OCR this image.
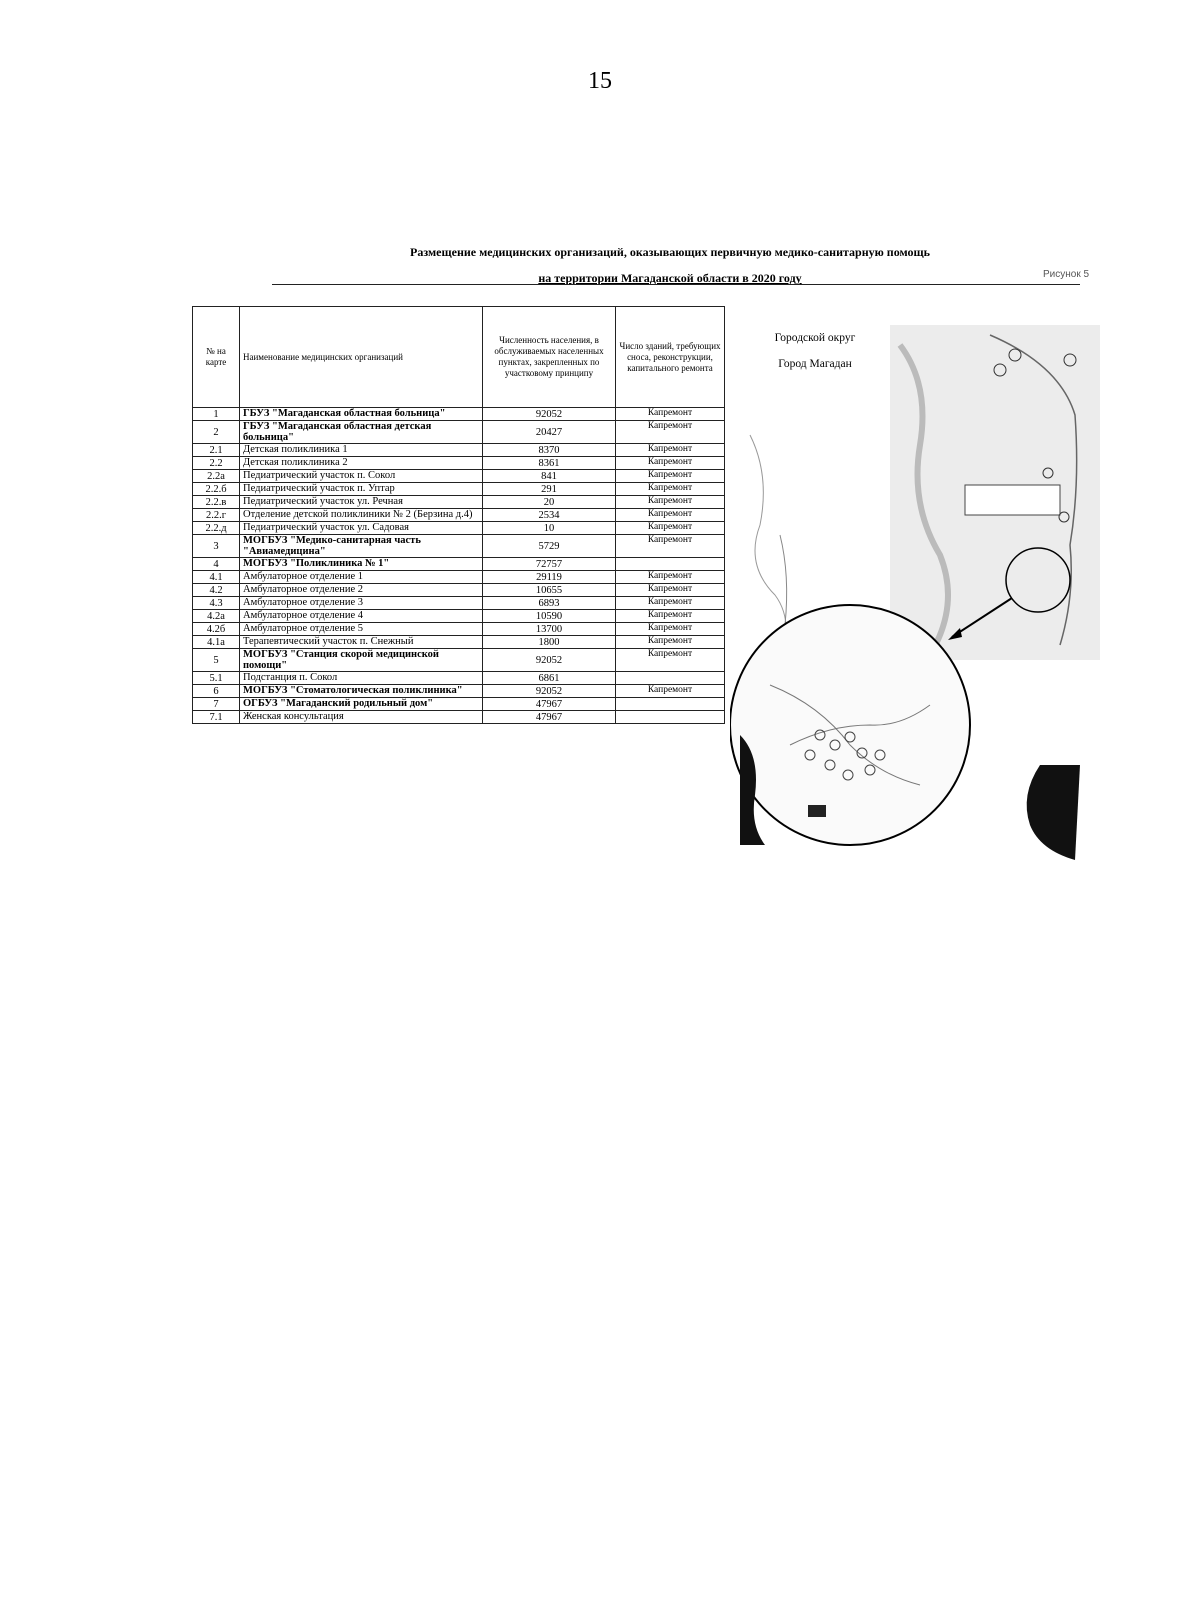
15
Размещение медицинских организаций, оказывающих первичную медико-санитарную помощь
на территории Магаданской области в 2020 году	Рисунок 5
№ на карте	Наименование медицинских организаций	Численность населения, в обслуживаемых населенных пунктах, закрепленных по участковому принципу	Число зданий, требующих сноса, реконструкции, капитального ремонта
1	ГБУЗ "Магаданская областная больница"	92052	Капремонт
2	ГБУЗ "Магаданская областная детская больница"	20427	Капремонт
2.1	Детская поликлиника 1	8370	Капремонт
2.2	Детская поликлиника 2	8361	Капремонт
2.2а	Педиатрический участок п. Сокол	841	Капремонт
2.2.б	Педиатрический участок п. Уптар	291	Капремонт
2.2.в	Педиатрический участок ул. Речная	20	Капремонт
2.2.г	Отделение детской поликлиники № 2 (Берзина д.4)	2534	Капремонт
2.2.д	Педиатрический участок ул. Садовая	10	Капремонт
3	МОГБУЗ "Медико-санитарная часть "Авиамедицина"	5729	Капремонт
4	МОГБУЗ "Поликлиника № 1"	72757	
4.1	Амбулаторное отделение 1	29119	Капремонт
4.2	Амбулаторное отделение 2	10655	Капремонт
4.3	Амбулаторное отделение 3	6893	Капремонт
4.2а	Амбулаторное отделение 4	10590	Капремонт
4.2б	Амбулаторное отделение 5	13700	Капремонт
4.1а	Терапевтический участок п. Снежный	1800	Капремонт
5	МОГБУЗ "Станция скорой медицинской помощи"	92052	Капремонт
5.1	Подстанция п. Сокол	6861	
6	МОГБУЗ "Стоматологическая поликлиника"	92052	Капремонт
7	ОГБУЗ "Магаданский родильный дом"	47967	
7.1	Женская консультация	47967	
Городской округ
Город Магадан
